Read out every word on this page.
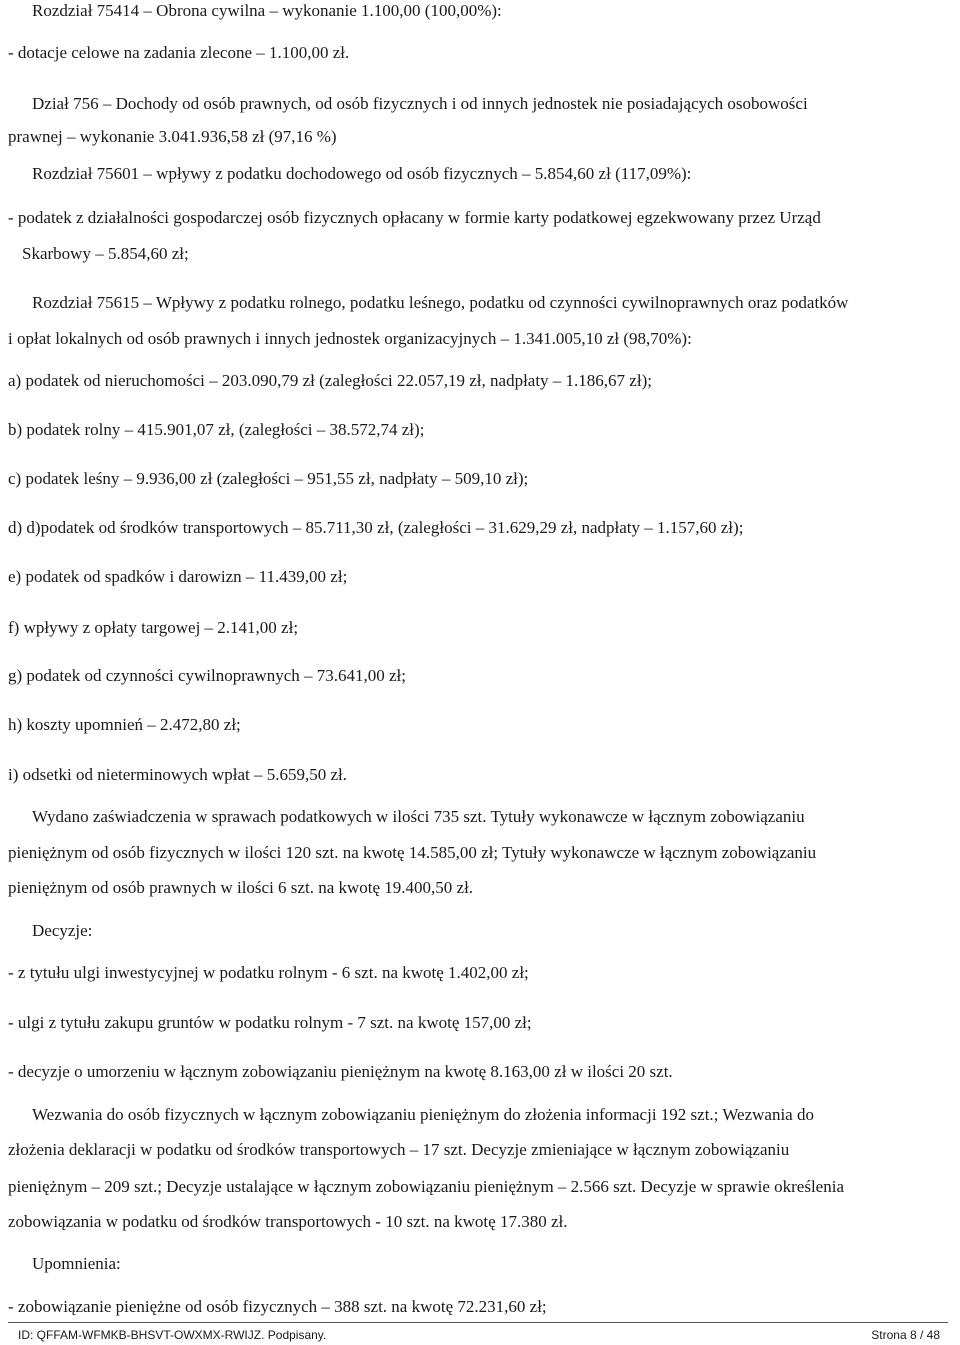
Rozdział 75414 – Obrona cywilna – wykonanie 1.100,00 (100,00%):
- dotacje celowe na zadania zlecone – 1.100,00 zł.
Dział 756 – Dochody od osób prawnych, od osób fizycznych i od innych jednostek nie posiadających osobowości
prawnej – wykonanie 3.041.936,58 zł (97,16 %)
Rozdział 75601 – wpływy z podatku dochodowego od osób fizycznych – 5.854,60 zł (117,09%):
- podatek z działalności gospodarczej osób fizycznych opłacany w formie karty podatkowej egzekwowany przez Urząd
Skarbowy – 5.854,60 zł;
Rozdział 75615 – Wpływy z podatku rolnego, podatku leśnego, podatku od czynności cywilnoprawnych oraz podatków
i opłat lokalnych od osób prawnych i innych jednostek organizacyjnych – 1.341.005,10 zł (98,70%):
a) podatek od nieruchomości – 203.090,79 zł (zaległości 22.057,19 zł, nadpłaty – 1.186,67 zł);
b) podatek rolny – 415.901,07 zł, (zaległości – 38.572,74 zł);
c) podatek leśny – 9.936,00 zł (zaległości – 951,55 zł, nadpłaty – 509,10 zł);
d) d)podatek od środków transportowych – 85.711,30 zł, (zaległości – 31.629,29 zł, nadpłaty – 1.157,60 zł);
e) podatek od spadków i darowizn – 11.439,00 zł;
f) wpływy z opłaty targowej – 2.141,00 zł;
g) podatek od czynności cywilnoprawnych – 73.641,00 zł;
h) koszty upomnień – 2.472,80 zł;
i) odsetki od nieterminowych wpłat – 5.659,50 zł.
Wydano zaświadczenia w sprawach podatkowych w ilości 735 szt. Tytuły wykonawcze w łącznym zobowiązaniu
pieniężnym od osób fizycznych w ilości 120 szt. na kwotę 14.585,00 zł; Tytuły wykonawcze w łącznym zobowiązaniu
pieniężnym od osób prawnych w ilości 6 szt. na kwotę 19.400,50 zł.
Decyzje:
- z tytułu ulgi inwestycyjnej w podatku rolnym - 6 szt. na kwotę 1.402,00 zł;
- ulgi z tytułu zakupu gruntów w podatku rolnym - 7 szt. na kwotę 157,00 zł;
- decyzje o umorzeniu w łącznym zobowiązaniu pieniężnym na kwotę 8.163,00 zł w ilości 20 szt.
Wezwania do osób fizycznych w łącznym zobowiązaniu pieniężnym do złożenia informacji 192 szt.; Wezwania do
złożenia deklaracji w podatku od środków transportowych – 17 szt. Decyzje zmieniające w łącznym zobowiązaniu
pieniężnym – 209 szt.; Decyzje ustalające w łącznym zobowiązaniu pieniężnym – 2.566 szt. Decyzje w sprawie określenia
zobowiązania w podatku od środków transportowych - 10 szt. na kwotę 17.380 zł.
Upomnienia:
- zobowiązanie pieniężne od osób fizycznych – 388 szt. na kwotę 72.231,60 zł;
ID: QFFAM-WFMKB-BHSVT-OWXMX-RWIJZ. Podpisany.	Strona 8 / 48
